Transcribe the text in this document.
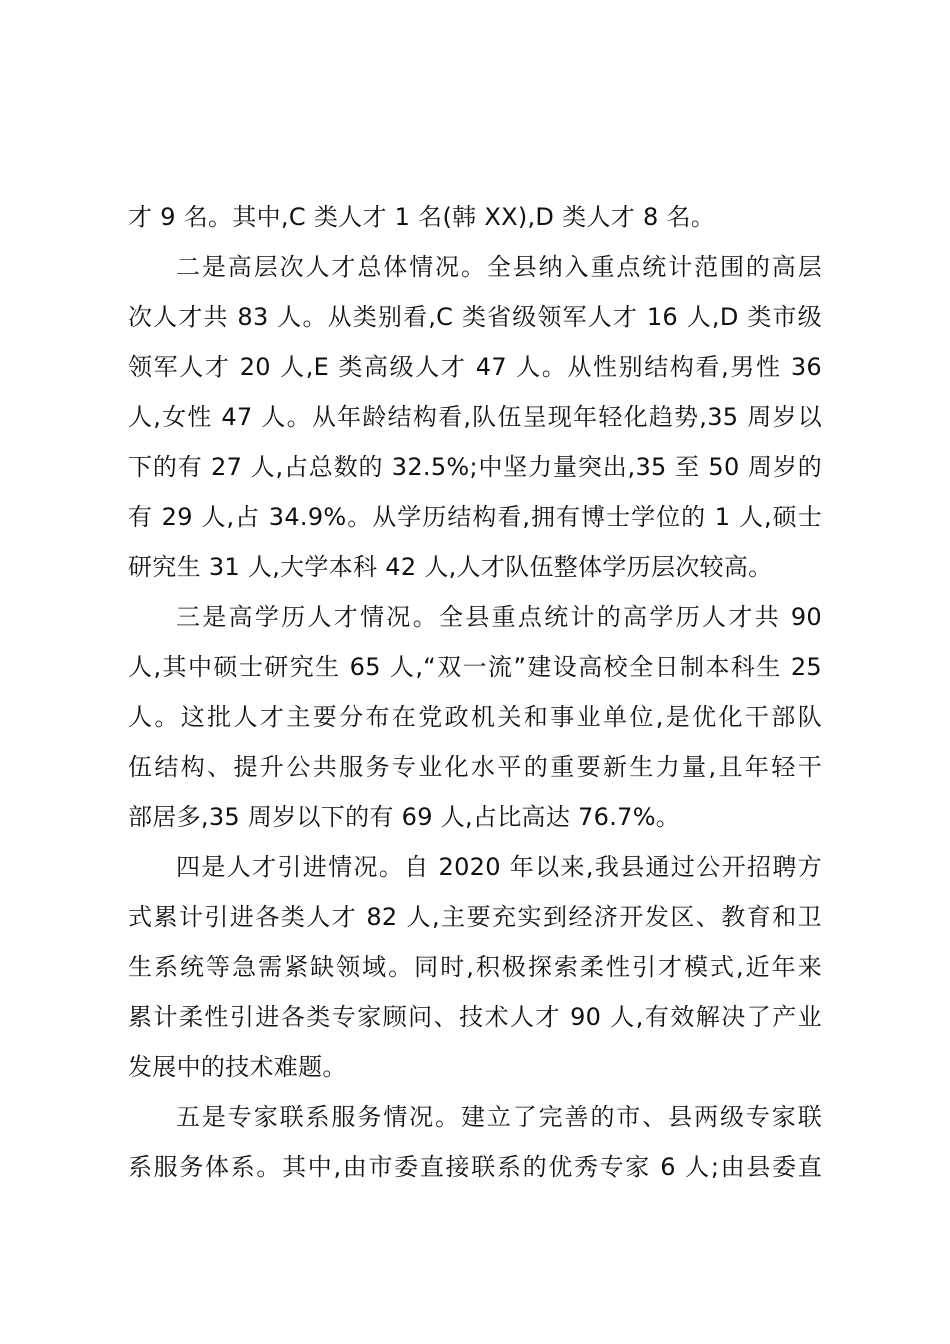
才 9 名。其中,C 类人才 1 名(韩 XX),D 类人才 8 名。
二是高层次人才总体情况。全县纳入重点统计范围的高层
次人才共 83 人。从类别看,C 类省级领军人才 16 人,D 类市级
领军人才 20 人,E 类高级人才 47 人。从性别结构看,男性 36
人,女性 47 人。从年龄结构看,队伍呈现年轻化趋势,35 周岁以
下的有 27 人,占总数的 32.5%;中坚力量突出,35 至 50 周岁的
有 29 人,占 34.9%。从学历结构看,拥有博士学位的 1 人,硕士
研究生 31 人,大学本科 42 人,人才队伍整体学历层次较高。
三是高学历人才情况。全县重点统计的高学历人才共 90
人,其中硕士研究生 65 人,“双一流”建设高校全日制本科生 25
人。这批人才主要分布在党政机关和事业单位,是优化干部队
伍结构、提升公共服务专业化水平的重要新生力量,且年轻干
部居多,35 周岁以下的有 69 人,占比高达 76.7%。
四是人才引进情况。自 2020 年以来,我县通过公开招聘方
式累计引进各类人才 82 人,主要充实到经济开发区、教育和卫
生系统等急需紧缺领域。同时,积极探索柔性引才模式,近年来
累计柔性引进各类专家顾问、技术人才 90 人,有效解决了产业
发展中的技术难题。
五是专家联系服务情况。建立了完善的市、县两级专家联
系服务体系。其中,由市委直接联系的优秀专家 6 人;由县委直
